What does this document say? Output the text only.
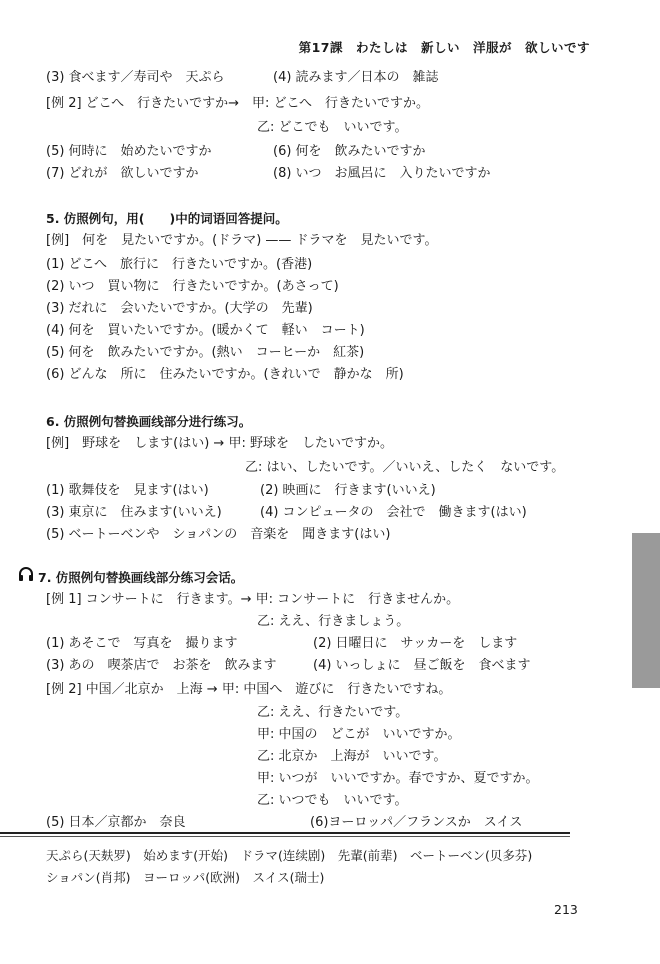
第17課　わたしは　新しい　洋服が　欲しいです
(3) 食べます／寿司や　天ぷら	(4) 読みます／日本の　雑誌
[例 2] どこへ　行きたいですか→　甲: どこへ　行きたいですか。
乙: どこでも　いいです。
(5) 何時に　始めたいですか	(6) 何を　飲みたいですか
(7) どれが　欲しいですか	(8) いつ　お風呂に　入りたいですか
5. 仿照例句，用(　　)中的词语回答提问。
[例]　何を　見たいですか。(ドラマ) —— ドラマを　見たいです。
(1) どこへ　旅行に　行きたいですか。(香港)
(2) いつ　買い物に　行きたいですか。(あさって)
(3) だれに　会いたいですか。(大学の　先輩)
(4) 何を　買いたいですか。(暖かくて　軽い　コート)
(5) 何を　飲みたいですか。(熱い　コーヒーか　紅茶)
(6) どんな　所に　住みたいですか。(きれいで　静かな　所)
6. 仿照例句替换画线部分进行练习。
[例]　野球を　します(はい) → 甲: 野球を　したいですか。
乙: はい、したいです。／いいえ、したく　ないです。
(1) 歌舞伎を　見ます(はい)	(2) 映画に　行きます(いいえ)
(3) 東京に　住みます(いいえ)	(4) コンピュータの　会社で　働きます(はい)
(5) ベートーベンや　ショパンの　音楽を　聞きます(はい)
7. 仿照例句替换画线部分练习会话。
[例 1] コンサートに　行きます。→ 甲: コンサートに　行きませんか。
乙: ええ、行きましょう。
(1) あそこで　写真を　撮ります	(2) 日曜日に　サッカーを　します
(3) あの　喫茶店で　お茶を　飲みます	(4) いっしょに　昼ご飯を　食べます
[例 2] 中国／北京か　上海 → 甲: 中国へ　遊びに　行きたいですね。
乙: ええ、行きたいです。
甲: 中国の　どこが　いいですか。
乙: 北京か　上海が　いいです。
甲: いつが　いいですか。春ですか、夏ですか。
乙: いつでも　いいです。
(5) 日本／京都か　奈良	(6)ヨーロッパ／フランスか　スイス
天ぷら(天麸罗)　始めます(开始)　ドラマ(连续剧)　先輩(前辈)　ベートーベン(贝多芬)
ショパン(肖邦)　ヨーロッパ(欧洲)　スイス(瑞士)
213
